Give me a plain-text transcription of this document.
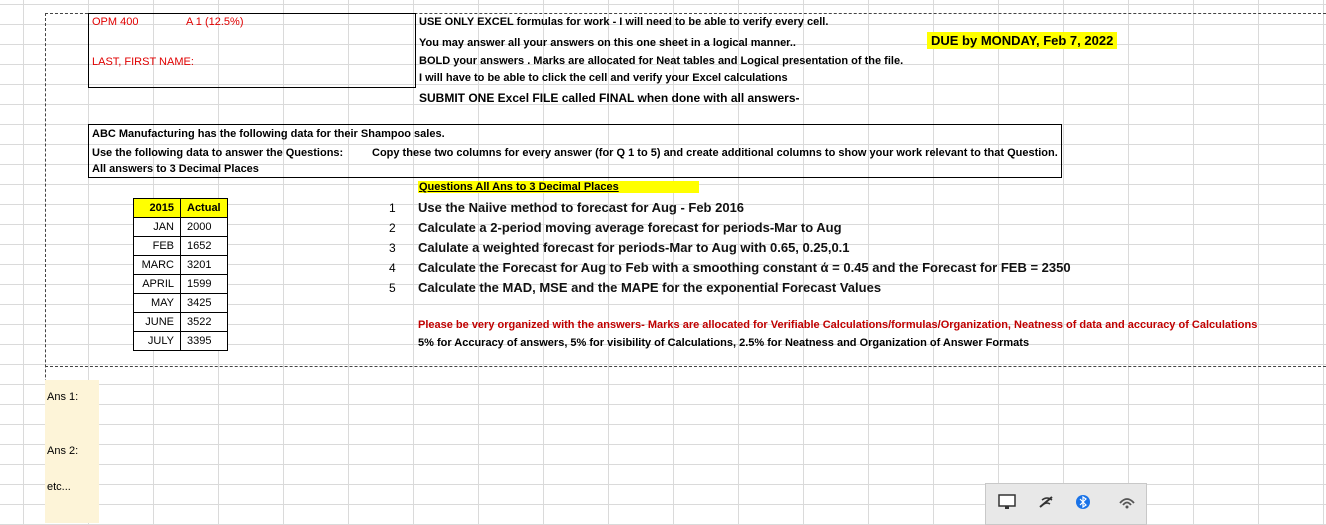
OPM 400	A 1 (12.5%)
LAST, FIRST NAME:
USE ONLY EXCEL formulas for work - I will need to be able to verify every cell.
You may answer all your answers on this one sheet in a logical manner..
BOLD your answers . Marks are allocated for Neat tables and Logical presentation of the file.
I will have to be able to click the cell and verify your Excel calculations
SUBMIT ONE Excel FILE called FINAL when done with all answers-
DUE by MONDAY, Feb 7, 2022
ABC Manufacturing has the following data for their Shampoo sales.
Use the following data to answer the Questions:	Copy these two columns for every answer (for Q 1 to 5) and create additional columns to show your work relevant to that Question.
All answers to 3 Decimal Places
2015	Actual
JAN	2000
FEB	1652
MARC	3201
APRIL	1599
MAY	3425
JUNE	3522
JULY	3395
Questions All Ans to 3 Decimal Places
1 Use the Naiive method to forecast for Aug - Feb 2016
2 Calculate a 2-period moving average forecast for periods-Mar to Aug
3 Calulate a weighted forecast for periods-Mar to Aug with 0.65, 0.25,0.1
4 Calculate the Forecast for Aug to Feb with a smoothing constant ά = 0.45 and the Forecast for FEB = 2350
5 Calculate the MAD, MSE and the MAPE for the exponential Forecast Values
Please be very organized with the answers- Marks are allocated for Verifiable Calculations/formulas/Organization, Neatness of data and accuracy of Calculations
5% for Accuracy of answers, 5% for visibility of Calculations, 2.5% for Neatness and Organization of Answer Formats
Ans 1:
Ans 2:
etc...
